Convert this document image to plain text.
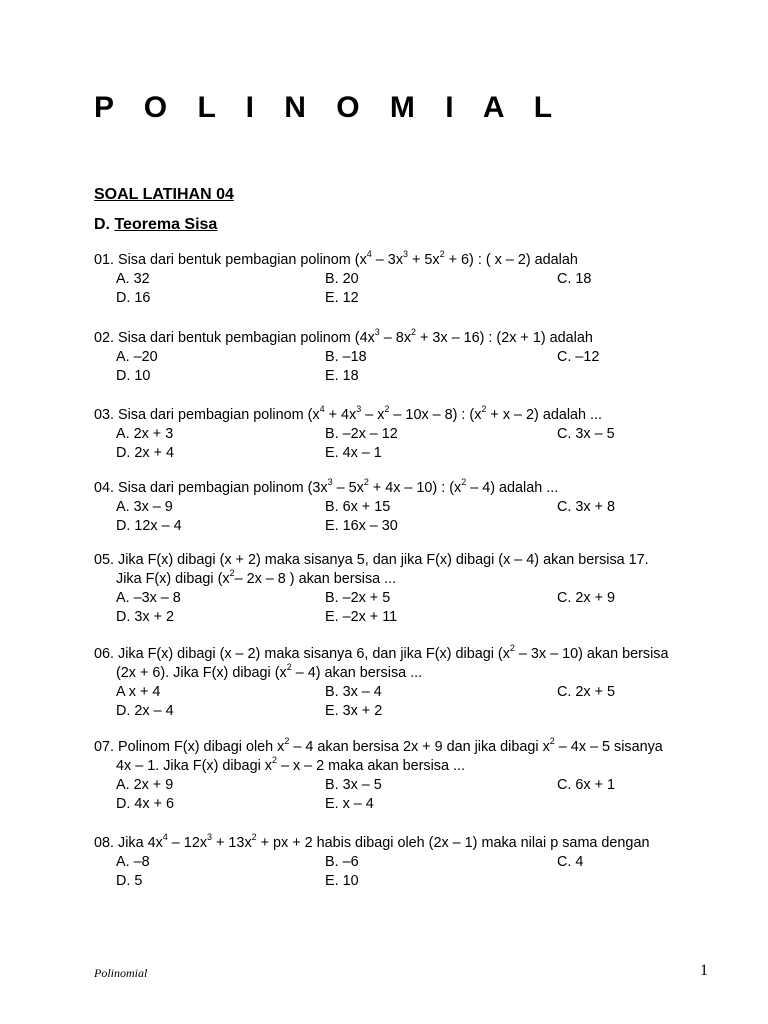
P O L I N O M I A L
SOAL LATIHAN 04
D. Teorema Sisa
01. Sisa dari bentuk pembagian polinom $(x^4 - 3x^3 + 5x^2 + 6)$ : ( x – 2) adalah
A. 32	B. 20	C. 18
D. 16	E. 12
02. Sisa dari bentuk pembagian polinom $(4x^3 - 8x^2 + 3x - 16)$ : (2x + 1) adalah
A. –20	B. –18	C. –12
D. 10	E. 18
03. Sisa dari pembagian polinom $(x^4 + 4x^3 - x^2 - 10x - 8)$ : $(x^2 + x - 2)$ adalah ...
A. 2x + 3	B. –2x – 12	C. 3x – 5
D. 2x + 4	E. 4x – 1
04. Sisa dari pembagian polinom $(3x^3 - 5x^2 + 4x - 10)$ : $(x^2 - 4)$ adalah ...
A. 3x – 9	B. 6x + 15	C. 3x + 8
D. 12x – 4	E. 16x – 30
05. Jika F(x) dibagi (x + 2) maka sisanya 5, dan jika F(x) dibagi (x – 4) akan bersisa 17.
Jika F(x) dibagi ($x^2-$ 2x – 8 ) akan bersisa ...
A. –3x – 8	B. –2x + 5	C. 2x + 9
D. 3x + 2	E. –2x + 11
06. Jika F(x) dibagi (x – 2) maka sisanya 6, dan jika F(x) dibagi $(x^2 - 3x - 10)$ akan bersisa
(2x + 6). Jika F(x) dibagi $(x^2 - 4)$ akan bersisa ...
A x + 4	B. 3x – 4	C. 2x + 5
D. 2x – 4	E. 3x + 2
07. Polinom F(x) dibagi oleh $x^2 - 4$ akan bersisa 2x + 9 dan jika dibagi $x^2 - 4x - 5$ sisanya
4x – 1. Jika F(x) dibagi $x^2$ – x – 2 maka akan bersisa ...
A. 2x + 9	B. 3x – 5	C. 6x + 1
D. 4x + 6	E. x – 4
08. Jika $4x^4 - 12x^3 + 13x^2$ + px + 2 habis dibagi oleh (2x – 1) maka nilai p sama dengan
A. –8	B. –6	C. 4
D. 5	E. 10
Polinomial	1
